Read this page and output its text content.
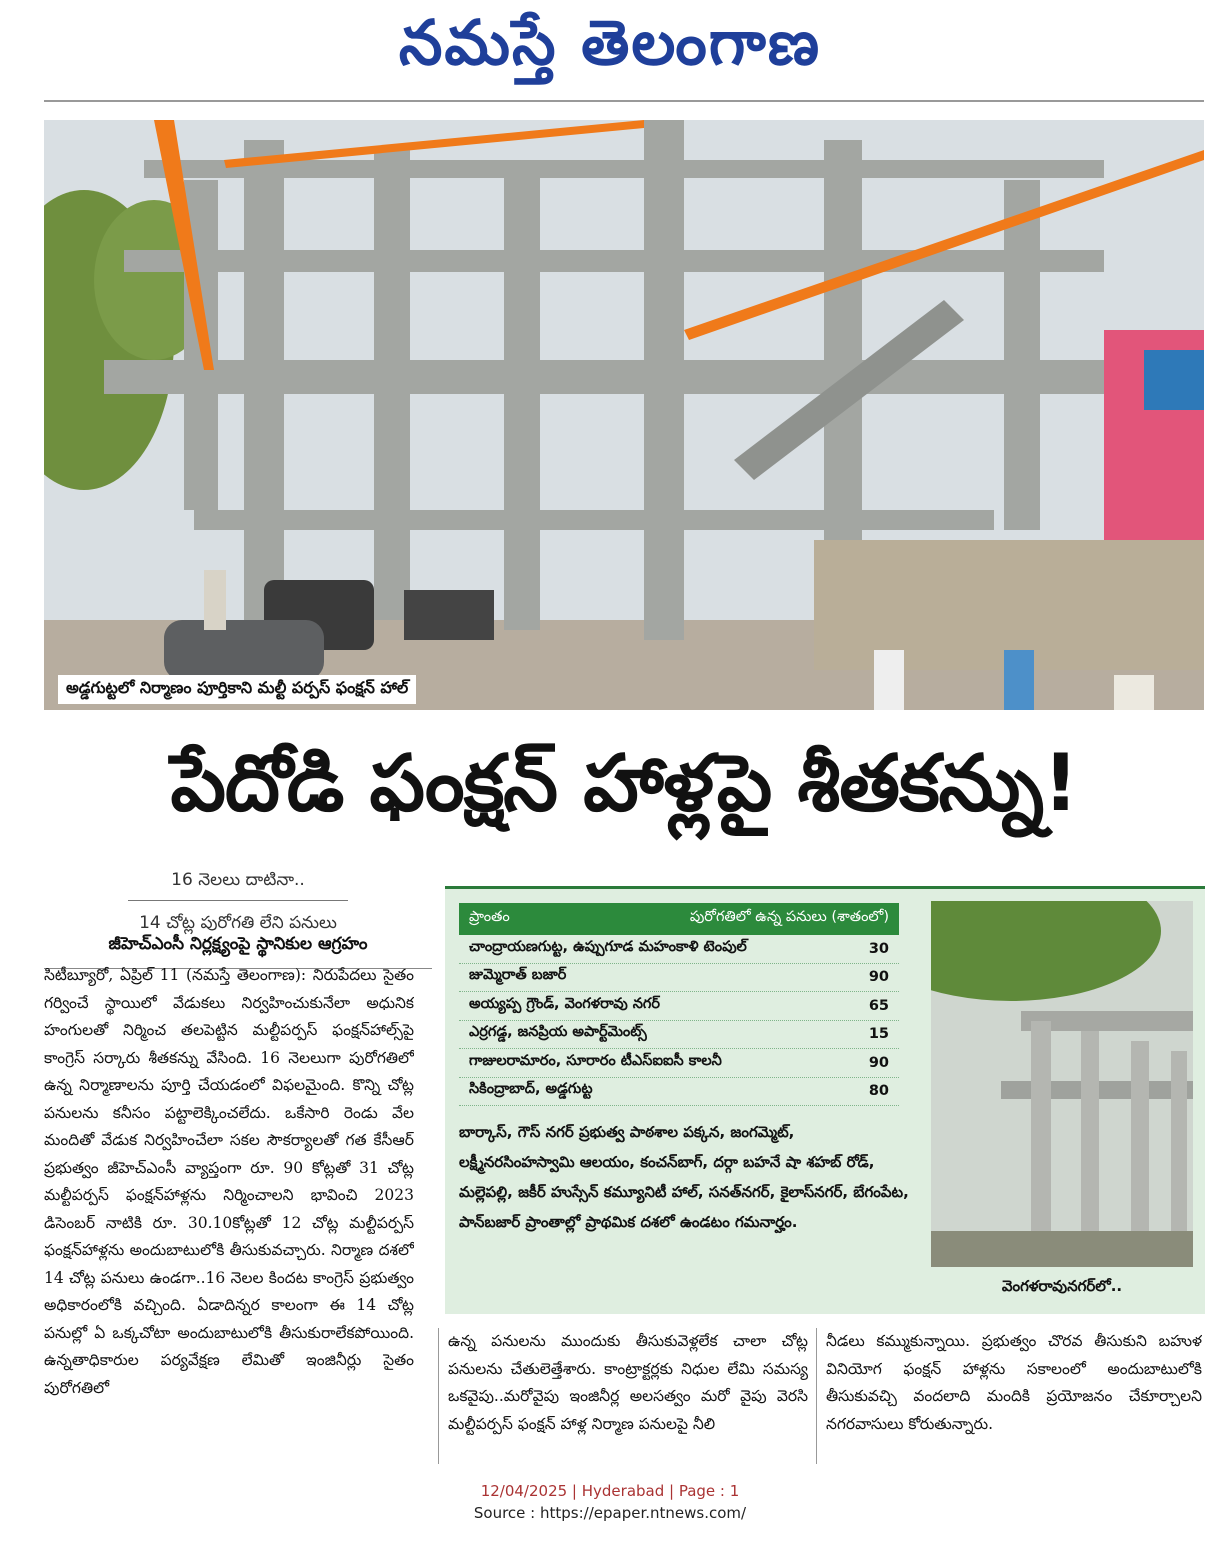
నమస్తే తెలంగాణ
అడ్డగుట్టలో నిర్మాణం పూర్తికాని మల్టీ పర్పస్ ఫంక్షన్ హాల్
పేదోడి ఫంక్షన్ హాళ్లపై శీతకన్ను!
16 నెలలు దాటినా..
14 చోట్ల పురోగతి లేని పనులు
జీహెచ్‌ఎంసీ నిర్లక్ష్యంపై స్థానికుల ఆగ్రహం
సిటీబ్యూరో, ఏప్రిల్ 11 (నమస్తే తెలంగాణ): నిరుపేదలు సైతం గర్వించే స్థాయిలో వేడుకలు నిర్వహించుకునేలా అధునిక హంగులతో నిర్మించ తలపెట్టిన మల్టీపర్పస్ ఫంక్షన్‌హాల్స్‌పై కాంగ్రెస్ సర్కారు శీతకన్ను వేసింది. 16 నెలలుగా పురోగతిలో ఉన్న నిర్మాణాలను పూర్తి చేయడంలో విఫలమైంది. కొన్ని చోట్ల పనులను కనీసం పట్టాలెక్కించలేదు. ఒకేసారి రెండు వేల మందితో వేడుక నిర్వహించేలా సకల సౌకర్యాలతో గత కేసీఆర్ ప్రభుత్వం జీహెచ్‌ఎంసీ వ్యాప్తంగా రూ. 90 కోట్లతో 31 చోట్ల మల్టీపర్పస్ ఫంక్షన్‌హాళ్లను నిర్మించాలని భావించి 2023 డిసెంబర్ నాటికి రూ. 30.10కోట్లతో 12 చోట్ల మల్టీపర్పస్ ఫంక్షన్‌హాళ్లను అందుబాటులోకి తీసుకువచ్చారు. నిర్మాణ దశలో 14 చోట్ల పనులు ఉండగా..16 నెలల కిందట కాంగ్రెస్ ప్రభుత్వం అధికారంలోకి వచ్చింది. ఏడాదిన్నర కాలంగా ఈ 14 చోట్ల పనుల్లో ఏ ఒక్కచోటా అందుబాటులోకి తీసుకురాలేకపోయింది. ఉన్నతాధికారుల పర్యవేక్షణ లేమితో ఇంజినీర్లు సైతం పురోగతిలో
ఉన్న పనులను ముందుకు తీసుకువెళ్లలేక చాలా చోట్ల పనులను చేతులెత్తేశారు. కాంట్రాక్టర్లకు నిధుల లేమి సమస్య ఒకవైపు..మరోవైపు ఇంజినీర్ల అలసత్వం మరో వైపు వెరసి మల్టీపర్పస్ ఫంక్షన్ హాళ్ల నిర్మాణ పనులపై నీలి
నీడలు కమ్ముకున్నాయి. ప్రభుత్వం చొరవ తీసుకుని బహుళ వినియోగ ఫంక్షన్ హాళ్లను సకాలంలో అందుబాటులోకి తీసుకువచ్చి వందలాది మందికి ప్రయోజనం చేకూర్చాలని నగరవాసులు కోరుతున్నారు.
ప్రాంతం	పురోగతిలో ఉన్న పనులు (శాతంలో)
చాంద్రాయణగుట్ట, ఉప్పుగూడ మహంకాళి టెంపుల్	30
జుమ్మెరాత్ బజార్	90
అయ్యప్ప గ్రౌండ్, వెంగళరావు నగర్	65
ఎర్రగడ్డ, జనప్రియ అపార్ట్‌మెంట్స్	15
గాజులరామారం, సూరారం టీఎస్ఐఐసీ కాలనీ	90
సికింద్రాబాద్, అడ్డగుట్ట	80
బార్కాస్, గౌస్ నగర్ ప్రభుత్వ పాఠశాల పక్కన, జంగమ్మెట్, లక్ష్మీనరసింహస్వామి ఆలయం, కంచన్‌బాగ్, దర్గా బహనే షా శహబ్ రోడ్, మల్లెపల్లి, జకీర్ హుస్సేన్ కమ్యూనిటీ హాల్, సనత్‌నగర్, కైలాస్‌నగర్, బేగంపేట, పాన్‌బజార్ ప్రాంతాల్లో ప్రాథమిక దశలో ఉండటం గమనార్హం.
వెంగళరావునగర్‌లో..
12/04/2025 | Hyderabad | Page : 1
Source : https://epaper.ntnews.com/
